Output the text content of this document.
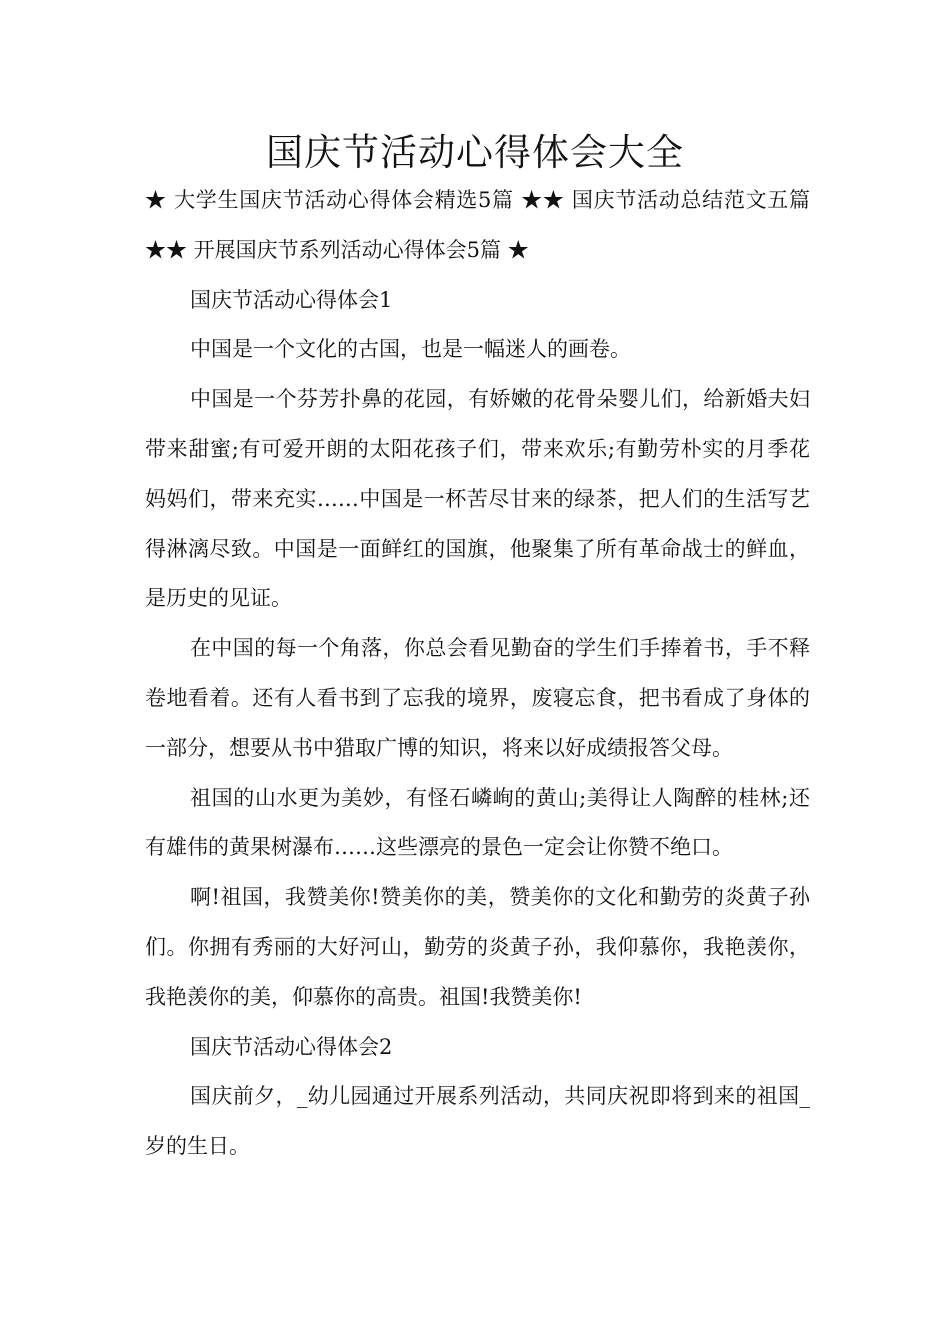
国庆节活动心得体会大全

★ 大学生国庆节活动心得体会精选5篇 ★★ 国庆节活动总结范文五篇 ★★ 开展国庆节系列活动心得体会5篇 ★

国庆节活动心得体会1

中国是一个文化的古国，也是一幅迷人的画卷。

中国是一个芬芳扑鼻的花园，有娇嫩的花骨朵婴儿们，给新婚夫妇带来甜蜜;有可爱开朗的太阳花孩子们，带来欢乐;有勤劳朴实的月季花妈妈们，带来充实……中国是一杯苦尽甘来的绿茶，把人们的生活写艺得淋漓尽致。中国是一面鲜红的国旗，他聚集了所有革命战士的鲜血，是历史的见证。

在中国的每一个角落，你总会看见勤奋的学生们手捧着书，手不释卷地看着。还有人看书到了忘我的境界，废寝忘食，把书看成了身体的一部分，想要从书中猎取广博的知识，将来以好成绩报答父母。

祖国的山水更为美妙，有怪石嶙峋的黄山;美得让人陶醉的桂林;还有雄伟的黄果树瀑布……这些漂亮的景色一定会让你赞不绝口。

啊!祖国，我赞美你!赞美你的美，赞美你的文化和勤劳的炎黄子孙们。你拥有秀丽的大好河山，勤劳的炎黄子孙，我仰慕你，我艳羡你，我艳羡你的美，仰慕你的高贵。祖国!我赞美你!

国庆节活动心得体会2

国庆前夕，_幼儿园通过开展系列活动，共同庆祝即将到来的祖国_岁的生日。
